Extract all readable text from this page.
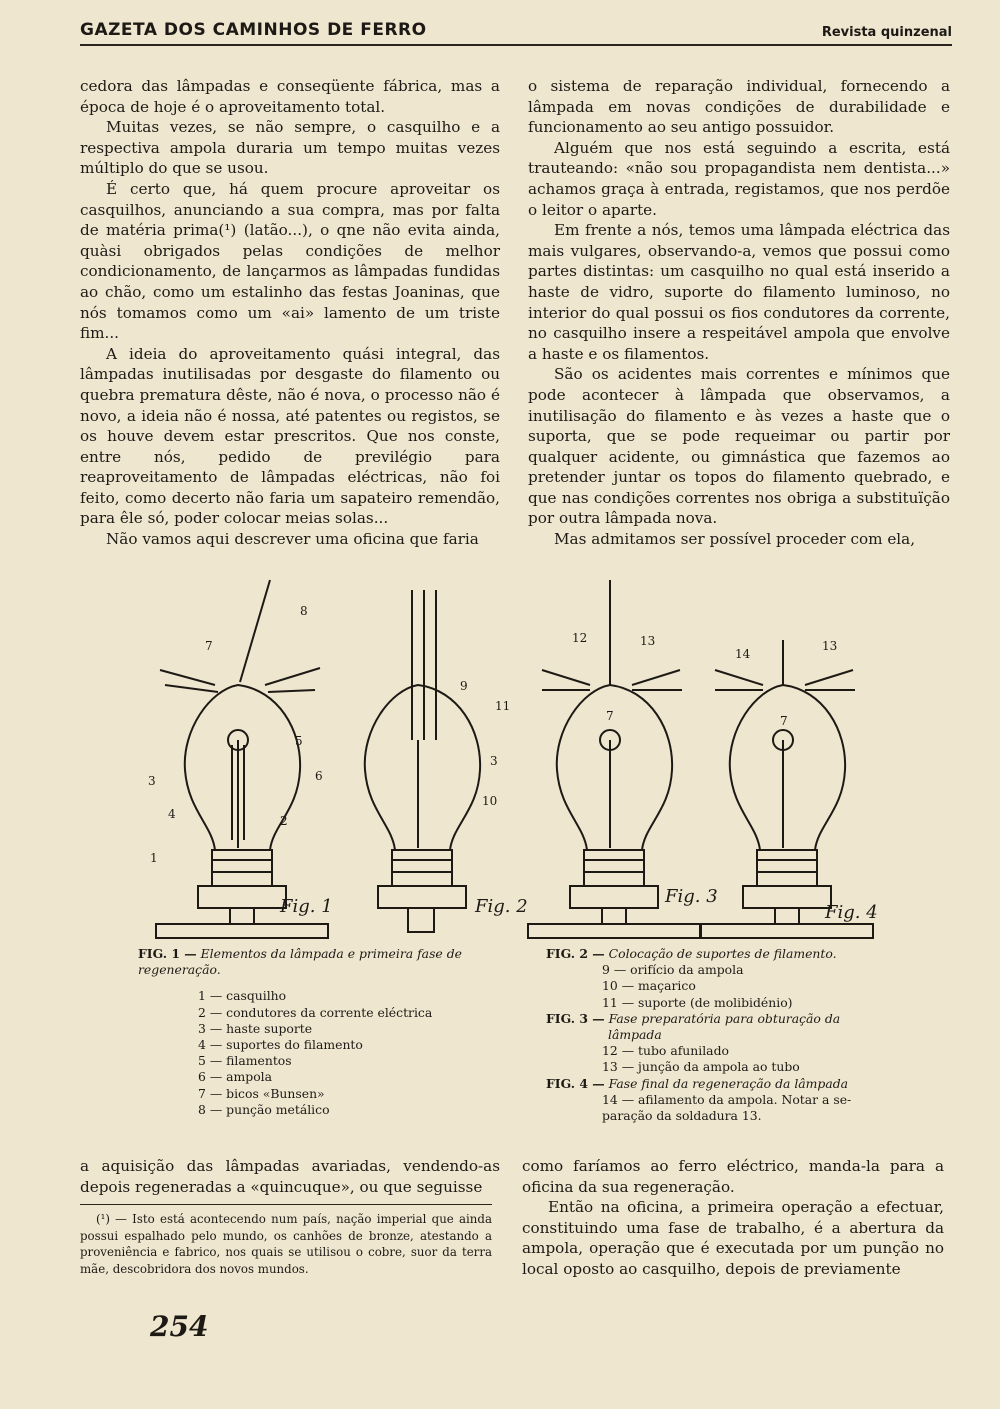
GAZETA DOS CAMINHOS DE FERRO	Revista quinzenal

cedora das lâmpadas e conseqüente fábrica, mas a época de hoje é o aproveitamento total.

Muitas vezes, se não sempre, o casquilho e a respectiva ampola duraria um tempo muitas vezes múltiplo do que se usou.

É certo que, há quem procure aproveitar os casquilhos, anunciando a sua compra, mas por falta de matéria prima(¹) (latão...), o qne não evita ainda, quàsi obrigados pelas condições de melhor condicionamento, de lançarmos as lâmpadas fundidas ao chão, como um estalinho das festas Joaninas, que nós tomamos como um «ai» lamento de um triste fim...

A ideia do aproveitamento quási integral, das lâmpadas inutilisadas por desgaste do filamento ou quebra prematura dêste, não é nova, o processo não é novo, a ideia não é nossa, até patentes ou registos, se os houve devem estar prescritos. Que nos conste, entre nós, pedido de previlégio para reaproveitamento de lâmpadas eléctricas, não foi feito, como decerto não faria um sapateiro remendão, para êle só, poder colocar meias solas...

Não vamos aqui descrever uma oficina que faria

o sistema de reparação individual, fornecendo a lâmpada em novas condições de durabilidade e funcionamento ao seu antigo possuidor.

Alguém que nos está seguindo a escrita, está trauteando: «não sou propagandista nem dentista...» achamos graça à entrada, registamos, que nos perdõe o leitor o aparte.

Em frente a nós, temos uma lâmpada eléctrica das mais vulgares, observando-a, vemos que possui como partes distintas: um casquilho no qual está inserido a haste de vidro, suporte do filamento luminoso, no interior do qual possui os fios condutores da corrente, no casquilho insere a respeitável ampola que envolve a haste e os filamentos.

São os acidentes mais correntes e mínimos que pode acontecer à lâmpada que observamos, a inutilisação do filamento e às vezes a haste que o suporta, que se pode requeimar ou partir por qualquer acidente, ou gimnástica que fazemos ao pretender juntar os topos do filamento quebrado, e que nas condições correntes nos obriga a substituïção por outra lâmpada nova.

Mas admitamos ser possível proceder com ela,

8
7
5
3	6
4	2
1
9
11
3
10
12	13
7
14
13
7
Fig. 1	Fig. 2	Fig. 3
Fig. 4
FIG. 1 — Elementos da lâmpada e primeira fase de regeneração.
1 — casquilho
2 — condutores da corrente eléctrica
3 — haste suporte
4 — suportes do filamento
5 — filamentos
6 — ampola
7 — bicos «Bunsen»
8 — punção metálico
FIG. 2 — Colocação de suportes de filamento.
9 — orifício da ampola
10 — maçarico
11 — suporte (de molibidénio)
FIG. 3 — Fase preparatória para obturação da
lâmpada
12 — tubo afunilado
13 — junção da ampola ao tubo
FIG. 4 — Fase final da regeneração da lâmpada
14 — afilamento da ampola. Notar a se-
paração da soldadura 13.

a aquisição das lâmpadas avariadas, vendendo-as depois regeneradas a «quincuque», ou que seguisse

como faríamos ao ferro eléctrico, manda-la para a oficina da sua regeneração.

Então na oficina, a primeira operação a efectuar, constituindo uma fase de trabalho, é a abertura da ampola, operação que é executada por um punção no local oposto ao casquilho, depois de previamente

(¹) — Isto está acontecendo num país, nação imperial que ainda possui espalhado pelo mundo, os canhões de bronze, atestando a proveniência e fabrico, nos quais se utilisou o cobre, suor da terra mãe, descobridora dos novos mundos.

254
